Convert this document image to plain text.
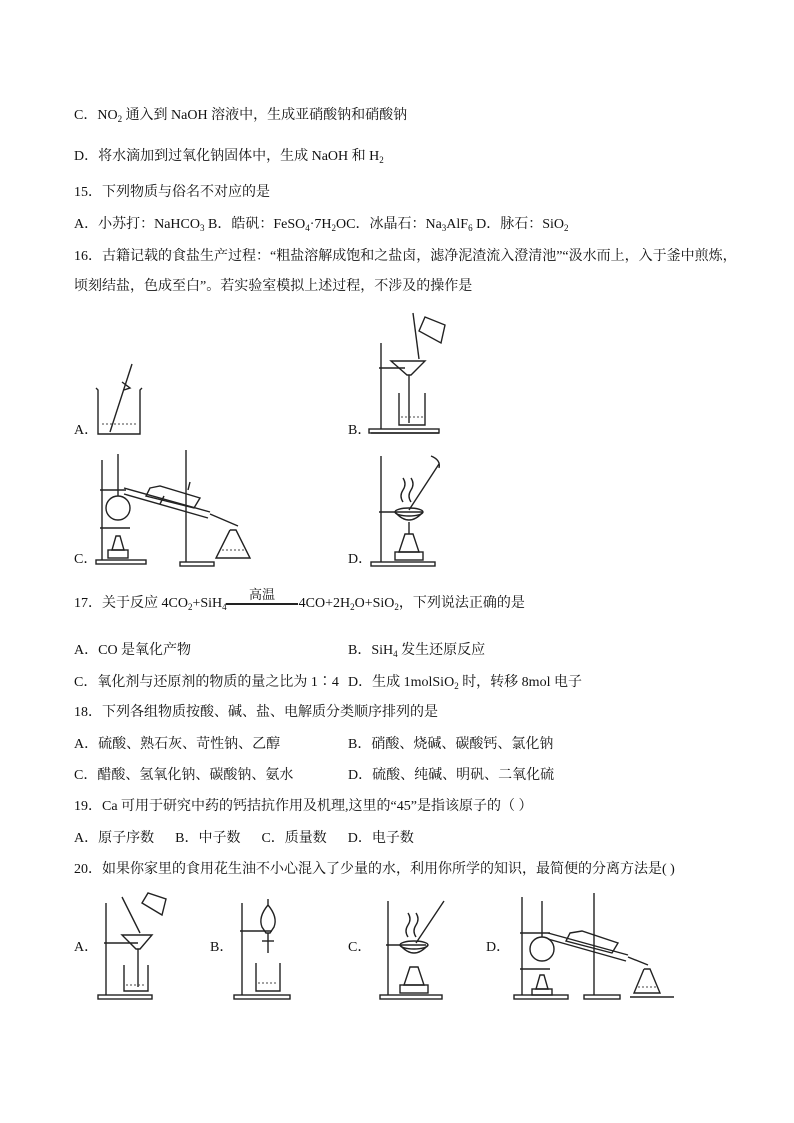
C．$NO_2$ 通入到 NaOH 溶液中，生成亚硝酸钠和硝酸钠
D．将水滴加到过氧化钠固体中，生成 NaOH 和 $H_2$
15．下列物质与俗名不对应的是
A．小苏打：NaHCO$_3$ B．皓矾：$FeSO_4\cdot 7H_2OC$．冰晶石：$Na_3AlF_6$ D．脉石：SiO$_2$
16．古籍记载的食盐生产过程：“粗盐溶解成饱和之盐卤，滤净泥渣流入澄清池”“汲水而上，入于釜中煎炼，
顷刻结盐，色成至白”。若实验室模拟上述过程，不涉及的操作是
A．	B．
C．	D．
17．关于反应 $4CO_2+SiH_4$	$4CO+2H_2O+SiO_2$，下列说法正确的是
高温
A．CO 是氧化产物	B．SiH$_4$ 发生还原反应
C．氧化剂与还原剂的物质的量之比为 1∶4 D．生成 1molSiO$_2$ 时，转移 8mol 电子
18．下列各组物质按酸、碱、盐、电解质分类顺序排列的是
A．硫酸、熟石灰、苛性钠、乙醇	B．硝酸、烧碱、碳酸钙、氯化钠
C．醋酸、氢氧化钠、碳酸钠、氨水	D．硫酸、纯碱、明矾、二氧化硫
19．Ca 可用于研究中药的钙拮抗作用及机理,这里的“45”是指该原子的（ ）
A．原子序数      B．中子数      C．质量数      D．电子数
20．如果你家里的食用花生油不小心混入了少量的水，利用你所学的知识，最简便的分离方法是( )
A．	B．	C．	D．
